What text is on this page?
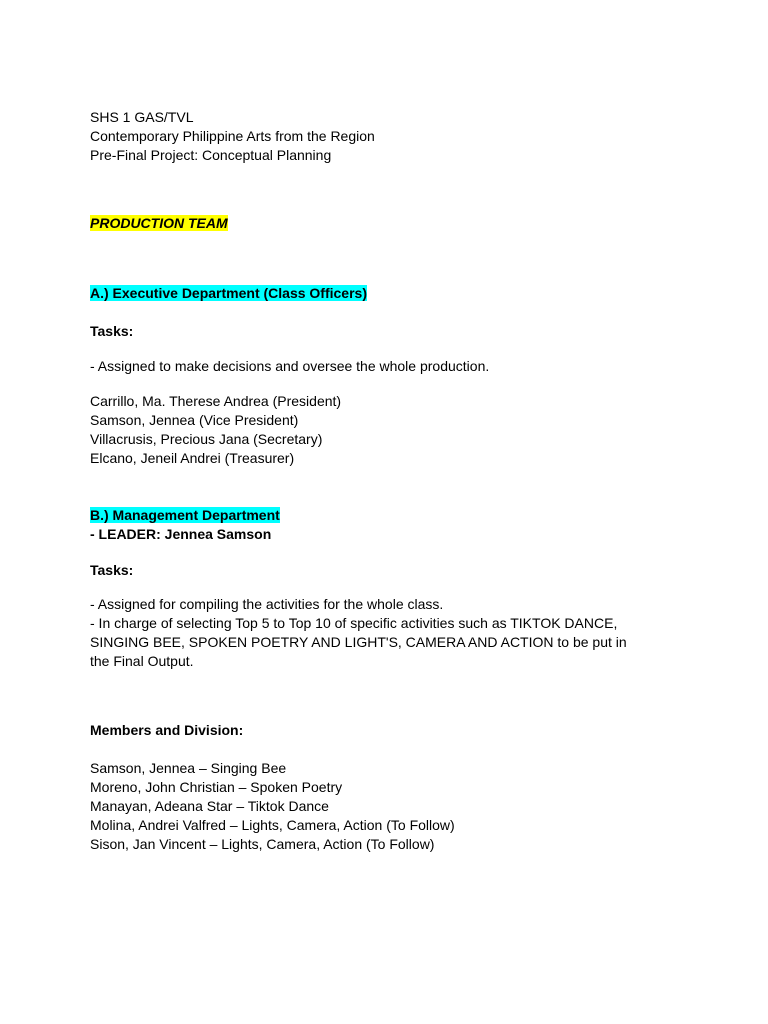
SHS 1 GAS/TVL
Contemporary Philippine Arts from the Region
Pre-Final Project: Conceptual Planning
PRODUCTION TEAM
A.) Executive Department (Class Officers)
Tasks:
- Assigned to make decisions and oversee the whole production.
Carrillo, Ma. Therese Andrea (President)
Samson, Jennea (Vice President)
Villacrusis, Precious Jana (Secretary)
Elcano, Jeneil Andrei (Treasurer)
B.) Management Department
- LEADER: Jennea Samson
Tasks:
- Assigned for compiling the activities for the whole class.
- In charge of selecting Top 5 to Top 10 of specific activities such as TIKTOK DANCE,
SINGING BEE, SPOKEN POETRY AND LIGHT'S, CAMERA AND ACTION to be put in
the Final Output.
Members and Division:
Samson, Jennea – Singing Bee
Moreno, John Christian – Spoken Poetry
Manayan, Adeana Star – Tiktok Dance
Molina, Andrei Valfred – Lights, Camera, Action (To Follow)
Sison, Jan Vincent – Lights, Camera, Action (To Follow)
